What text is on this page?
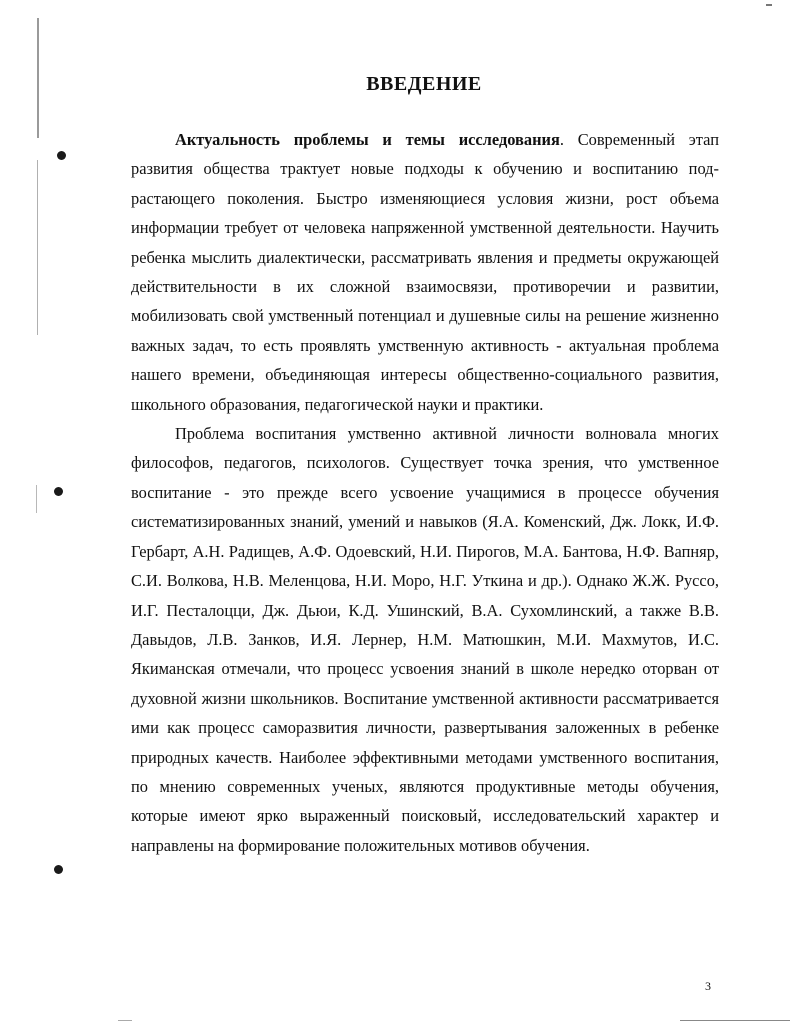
ВВЕДЕНИЕ

Актуальность проблемы и темы исследования. Современный этап развития общества трактует новые подходы к обучению и воспитанию подрастающего поколения. Быстро изменяющиеся условия жизни, рост объема информации требует от человека напряженной умственной деятельности. Научить ребенка мыслить диалектически, рассматривать явления и предметы окружающей действительности в их сложной взаимосвязи, противоречии и развитии, мобилизовать свой умственный потенциал и душевные силы на решение жизненно важных задач, то есть проявлять умственную активность - актуальная проблема нашего времени, объединяющая интересы общественно-социального развития, школьного образования, педагогической науки и практики.

Проблема воспитания умственно активной личности волновала многих философов, педагогов, психологов. Существует точка зрения, что умственное воспитание - это прежде всего усвоение учащимися в процессе обучения систематизированных знаний, умений и навыков (Я.А. Коменский, Дж. Локк, И.Ф. Гербарт, А.Н. Радищев, А.Ф. Одоевский, Н.И. Пирогов, М.А. Бантова, Н.Ф. Вапняр, С.И. Волкова, Н.В. Меленцова, Н.И. Моро, Н.Г. Уткина и др.). Однако Ж.Ж. Руссо, И.Г. Песталоцци, Дж. Дьюи, К.Д. Ушинский, В.А. Сухомлинский, а также В.В. Давыдов, Л.В. Занков, И.Я. Лернер, Н.М. Матюшкин, М.И. Махмутов, И.С. Якиманская отмечали, что процесс усвоения знаний в школе нередко оторван от духовной жизни школьников. Воспитание умственной активности рассматривается ими как процесс саморазвития личности, развертывания заложенных в ребенке природных качеств. Наиболее эффективными методами умственного воспитания, по мнению современных ученых, являются продуктивные методы обучения, которые имеют ярко выраженный поисковый, исследовательский характер и направлены на формирование положительных мотивов обучения.

3
